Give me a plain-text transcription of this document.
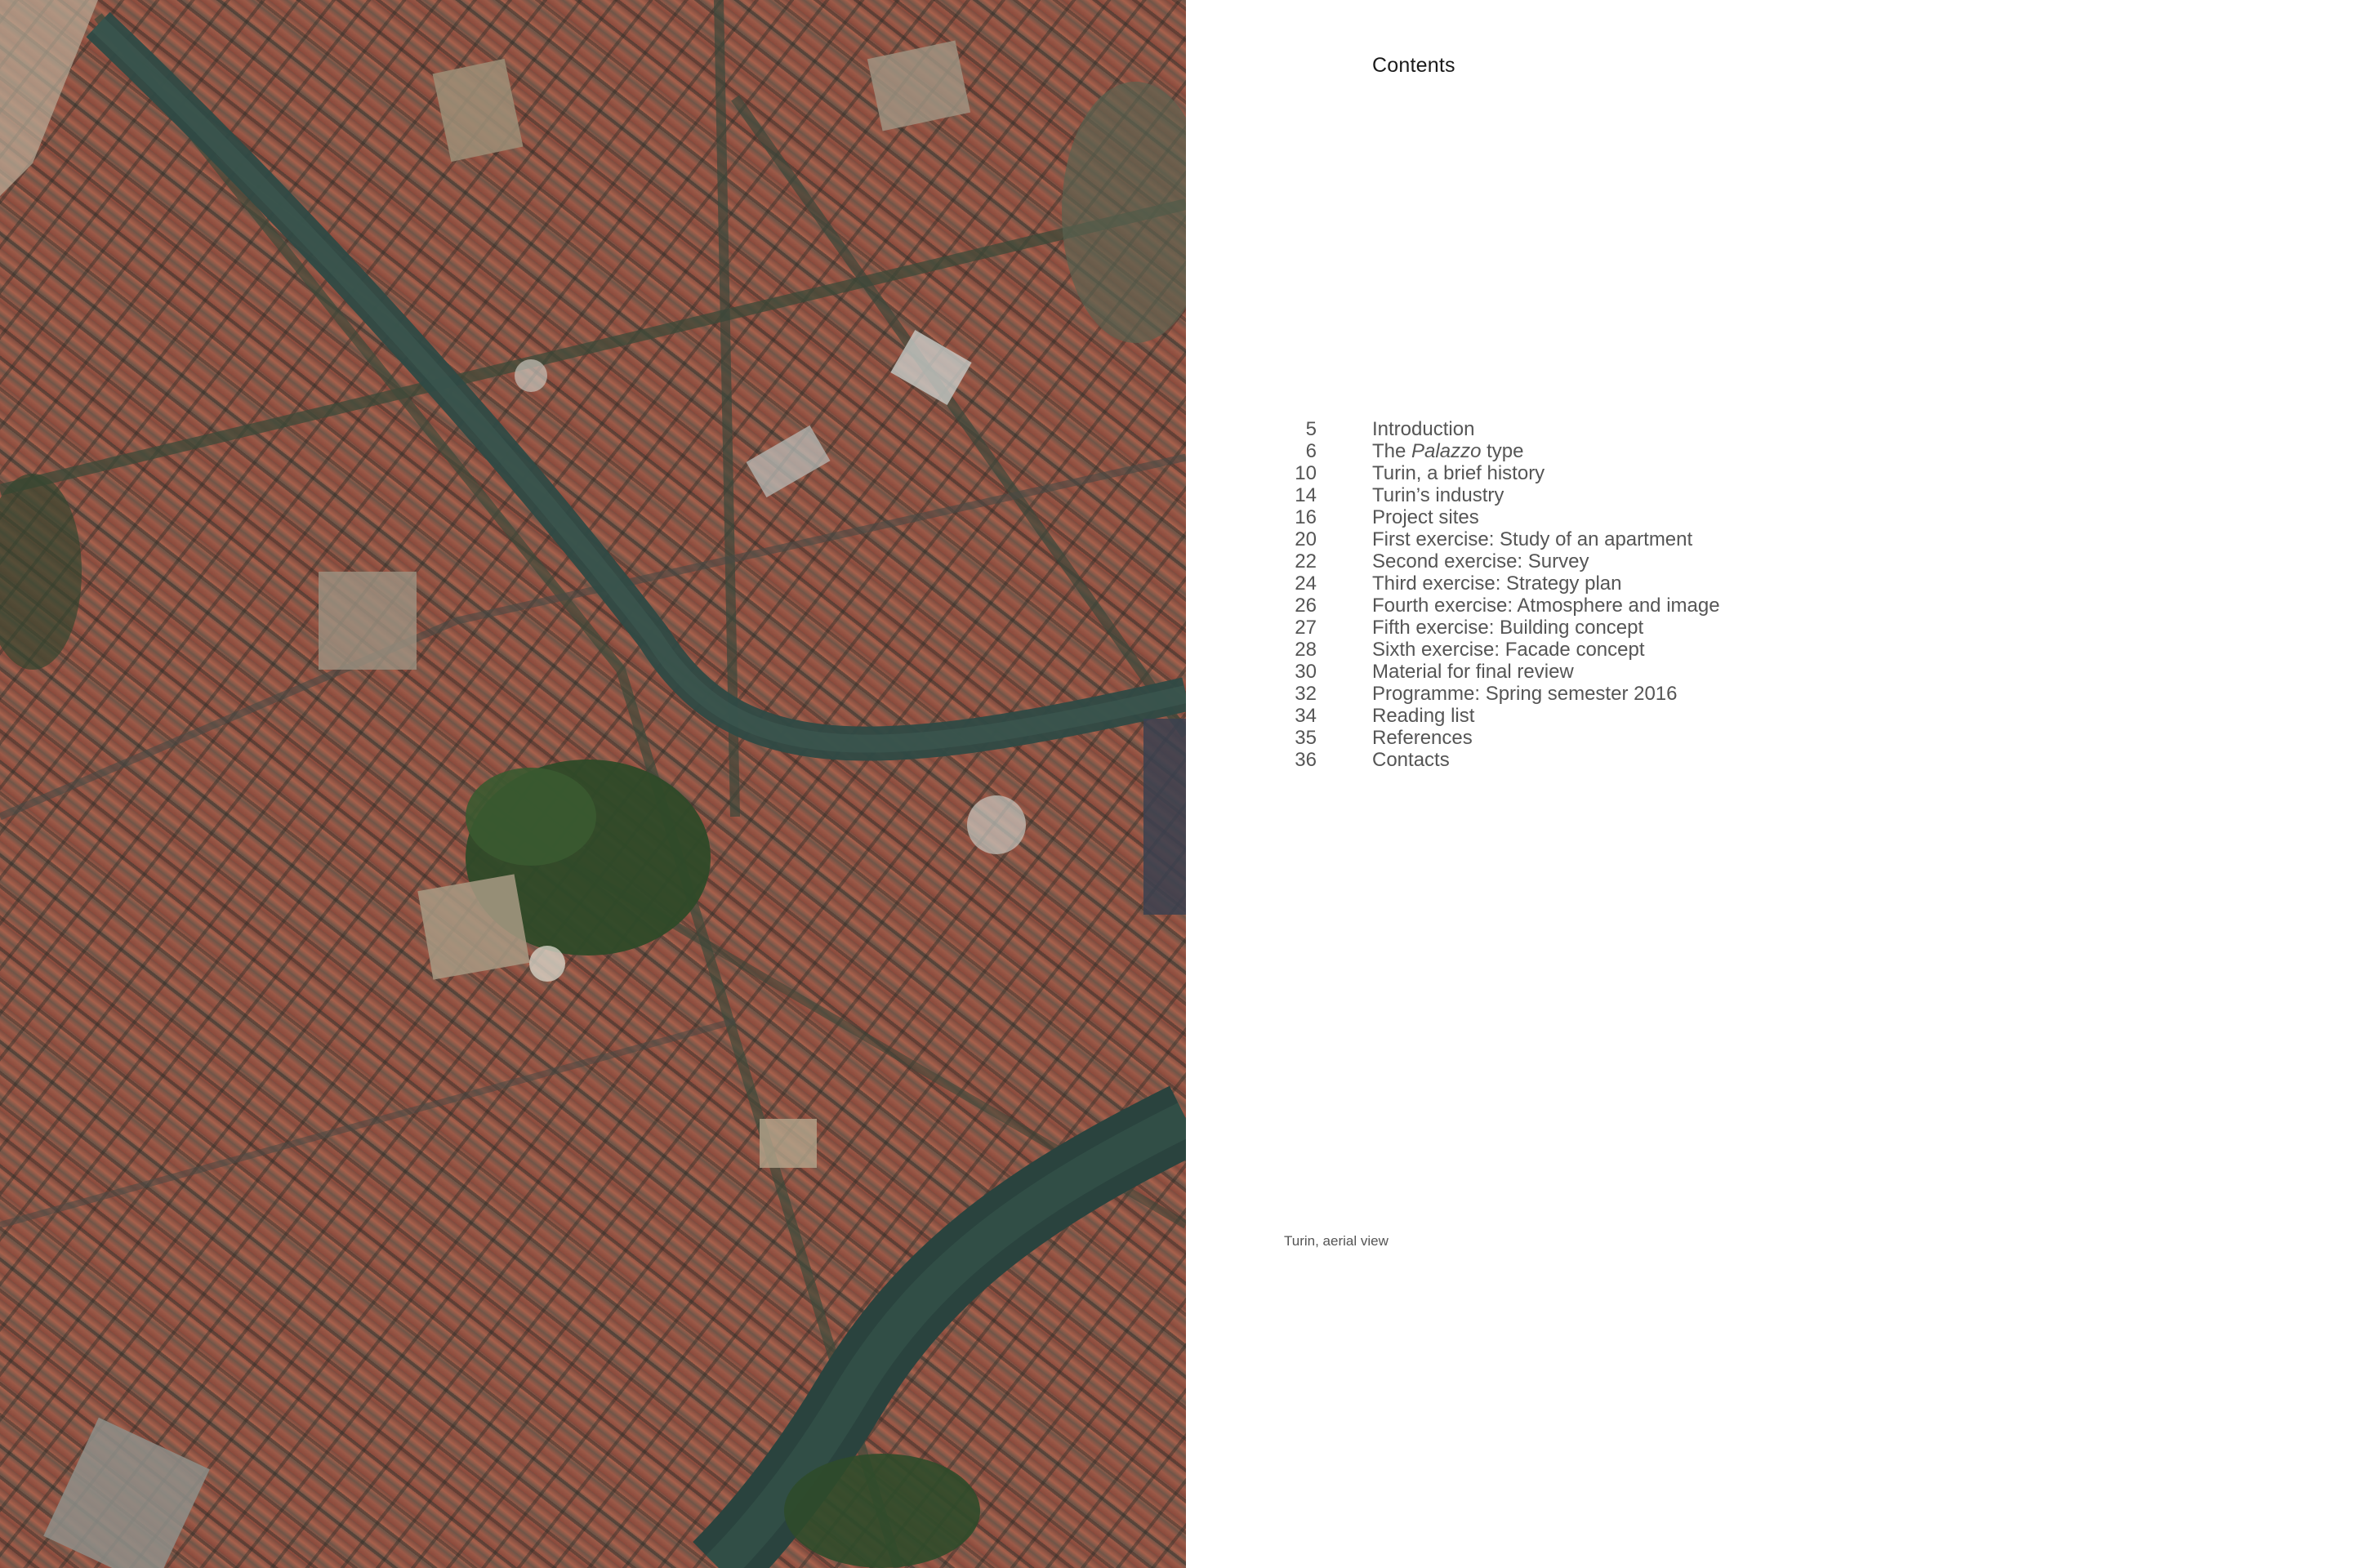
Contents
5	Introduction
6	The Palazzo type
10	Turin, a brief history
14	Turin’s industry
16	Project sites
20	First exercise: Study of an apartment
22	Second exercise: Survey
24	Third exercise: Strategy plan
26	Fourth exercise: Atmosphere and image
27	Fifth exercise: Building concept
28	Sixth exercise: Facade concept
30	Material for final review
32	Programme: Spring semester 2016
34	Reading list
35	References
36	Contacts
Turin, aerial view
